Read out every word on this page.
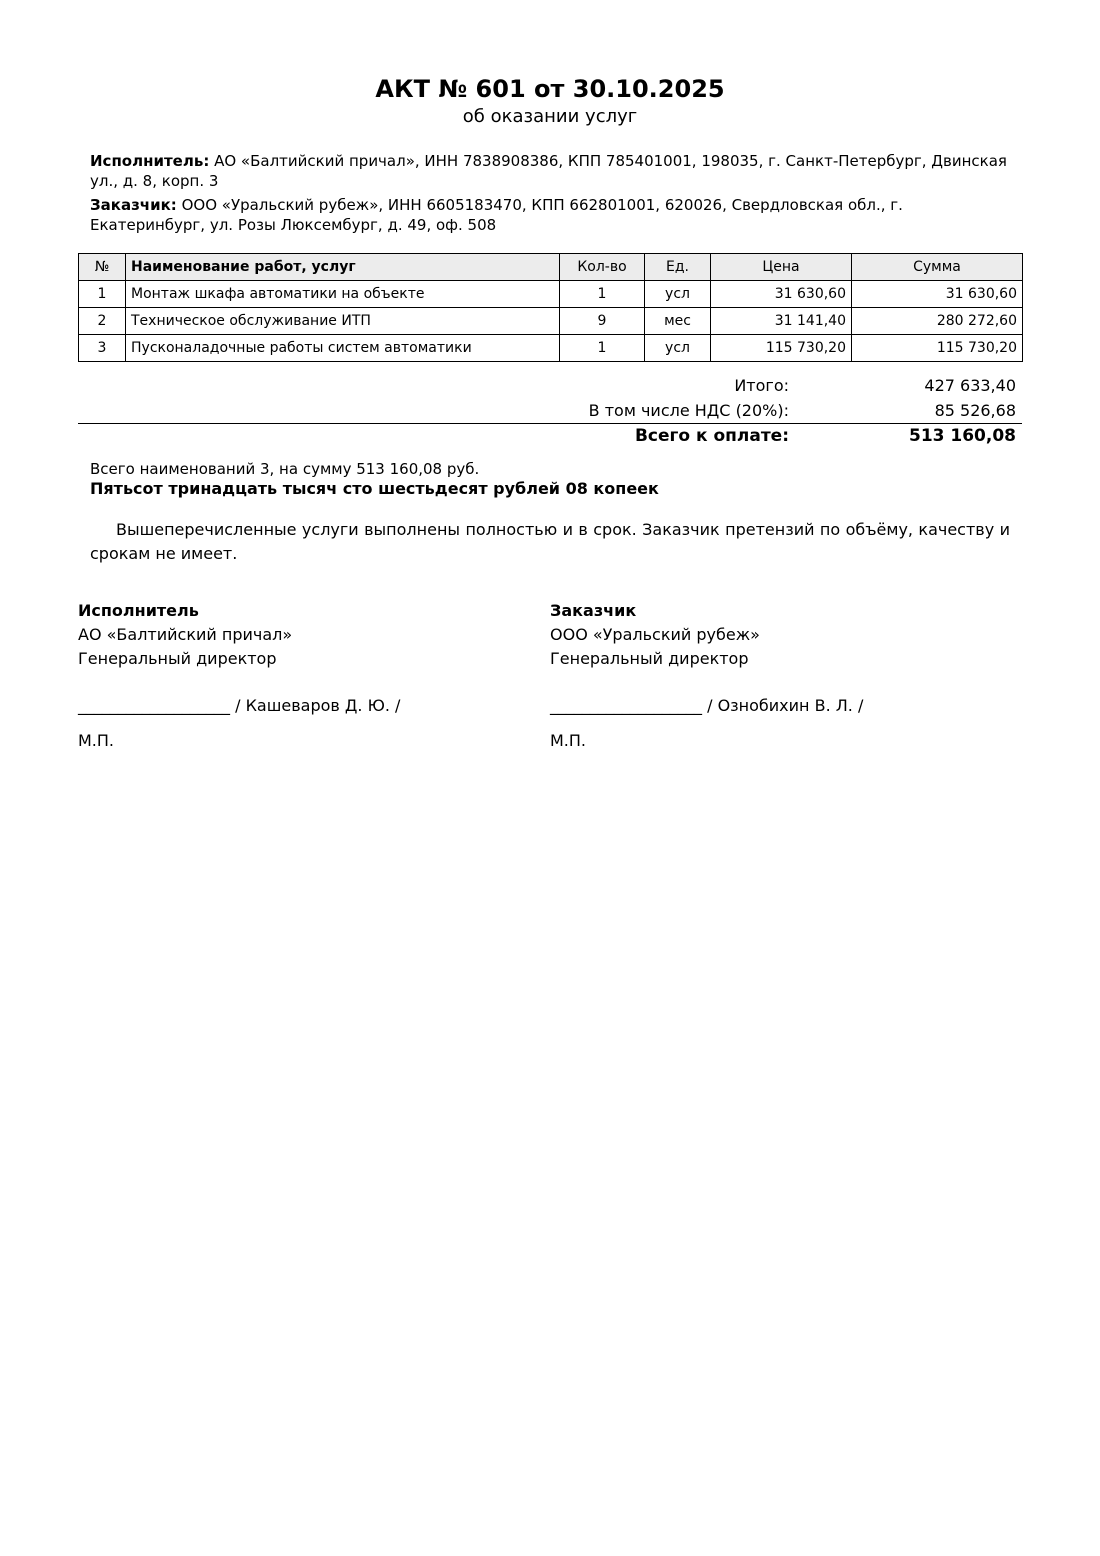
АКТ № 601 от 30.10.2025
об оказании услуг
Исполнитель: АО «Балтийский причал», ИНН 7838908386, КПП 785401001, 198035, г. Санкт-Петербург, Двинская ул., д. 8, корп. 3
Заказчик: ООО «Уральский рубеж», ИНН 6605183470, КПП 662801001, 620026, Свердловская обл., г. Екатеринбург, ул. Розы Люксембург, д. 49, оф. 508
№	Наименование работ, услуг	Кол-во	Ед.	Цена	Сумма
1	Монтаж шкафа автоматики на объекте	1	усл	31 630,60	31 630,60
2	Техническое обслуживание ИТП	9	мес	31 141,40	280 272,60
3	Пусконаладочные работы систем автоматики	1	усл	115 730,20	115 730,20
Итого:	427 633,40
В том числе НДС (20%):	85 526,68
Всего к оплате:	513 160,08
Всего наименований 3, на сумму 513 160,08 руб.
Пятьсот тринадцать тысяч сто шестьдесят рублей 08 копеек
Вышеперечисленные услуги выполнены полностью и в срок. Заказчик претензий по объёму, качеству и срокам не имеет.
Исполнитель
АО «Балтийский причал»
Генеральный директор
___________________ / Кашеваров Д. Ю. /
М.П.
Заказчик
ООО «Уральский рубеж»
Генеральный директор
___________________ / Ознобихин В. Л. /
М.П.
